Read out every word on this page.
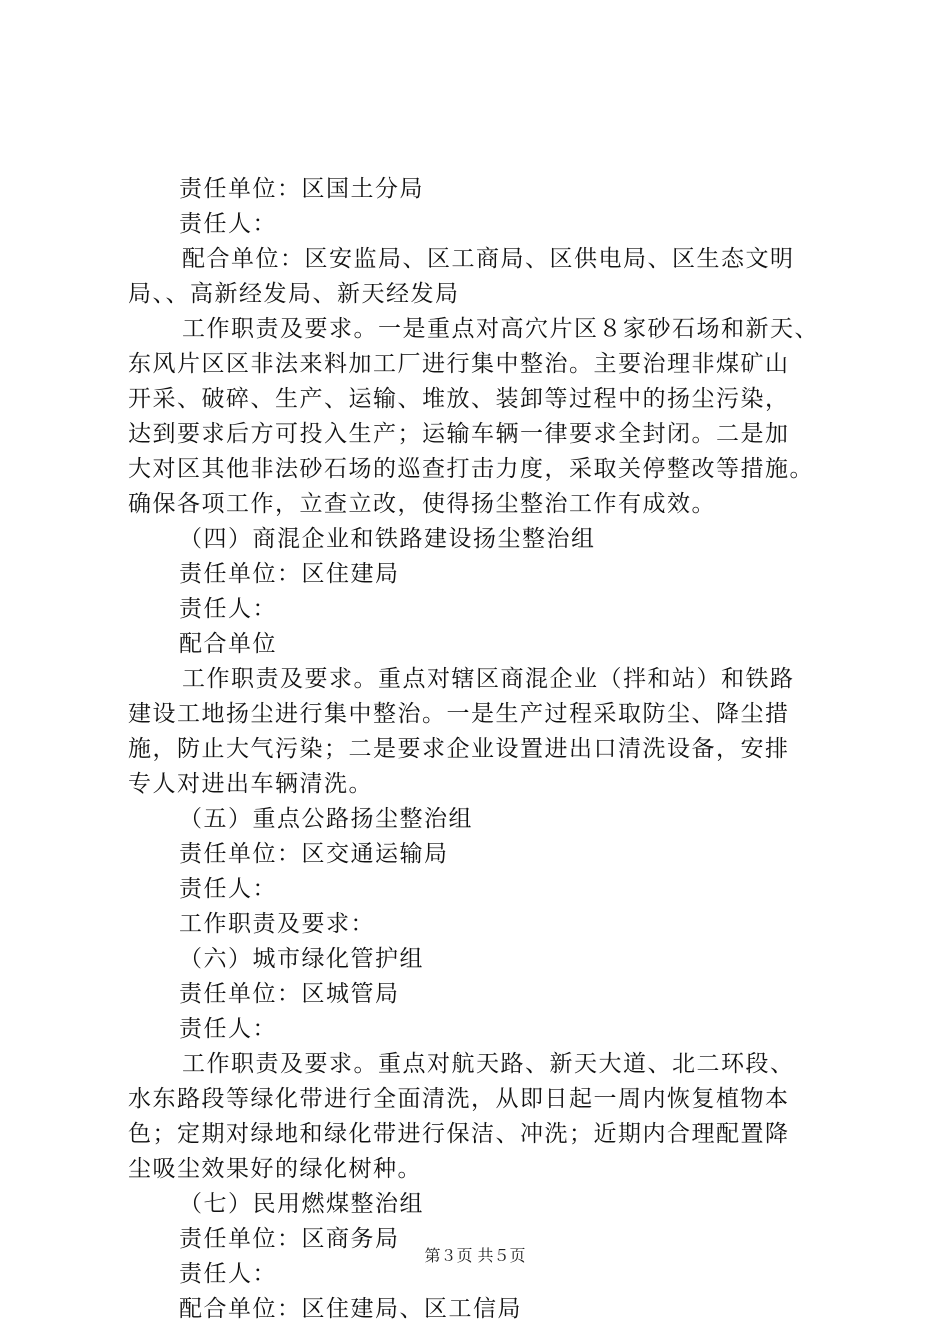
责任单位：区国土分局

责任人：

配合单位：区安监局、区工商局、区供电局、区生态文明
局、、高新经发局、新天经发局

工作职责及要求。一是重点对高穴片区８家砂石场和新天、
东风片区区非法来料加工厂进行集中整治。主要治理非煤矿山
开采、破碎、生产、运输、堆放、装卸等过程中的扬尘污染，
达到要求后方可投入生产；运输车辆一律要求全封闭。二是加
大对区其他非法砂石场的巡查打击力度，采取关停整改等措施。
确保各项工作，立查立改，使得扬尘整治工作有成效。

（四）商混企业和铁路建设扬尘整治组

责任单位：区住建局

责任人：

配合单位

工作职责及要求。重点对辖区商混企业（拌和站）和铁路
建设工地扬尘进行集中整治。一是生产过程采取防尘、降尘措
施，防止大气污染；二是要求企业设置进出口清洗设备，安排
专人对进出车辆清洗。

（五）重点公路扬尘整治组

责任单位：区交通运输局

责任人：

工作职责及要求：

（六）城市绿化管护组

责任单位：区城管局

责任人：

工作职责及要求。重点对航天路、新天大道、北二环段、
水东路段等绿化带进行全面清洗，从即日起一周内恢复植物本
色；定期对绿地和绿化带进行保洁、冲洗；近期内合理配置降
尘吸尘效果好的绿化树种。

（七）民用燃煤整治组

责任单位：区商务局

责任人：

配合单位：区住建局、区工信局

第３页 共５页
